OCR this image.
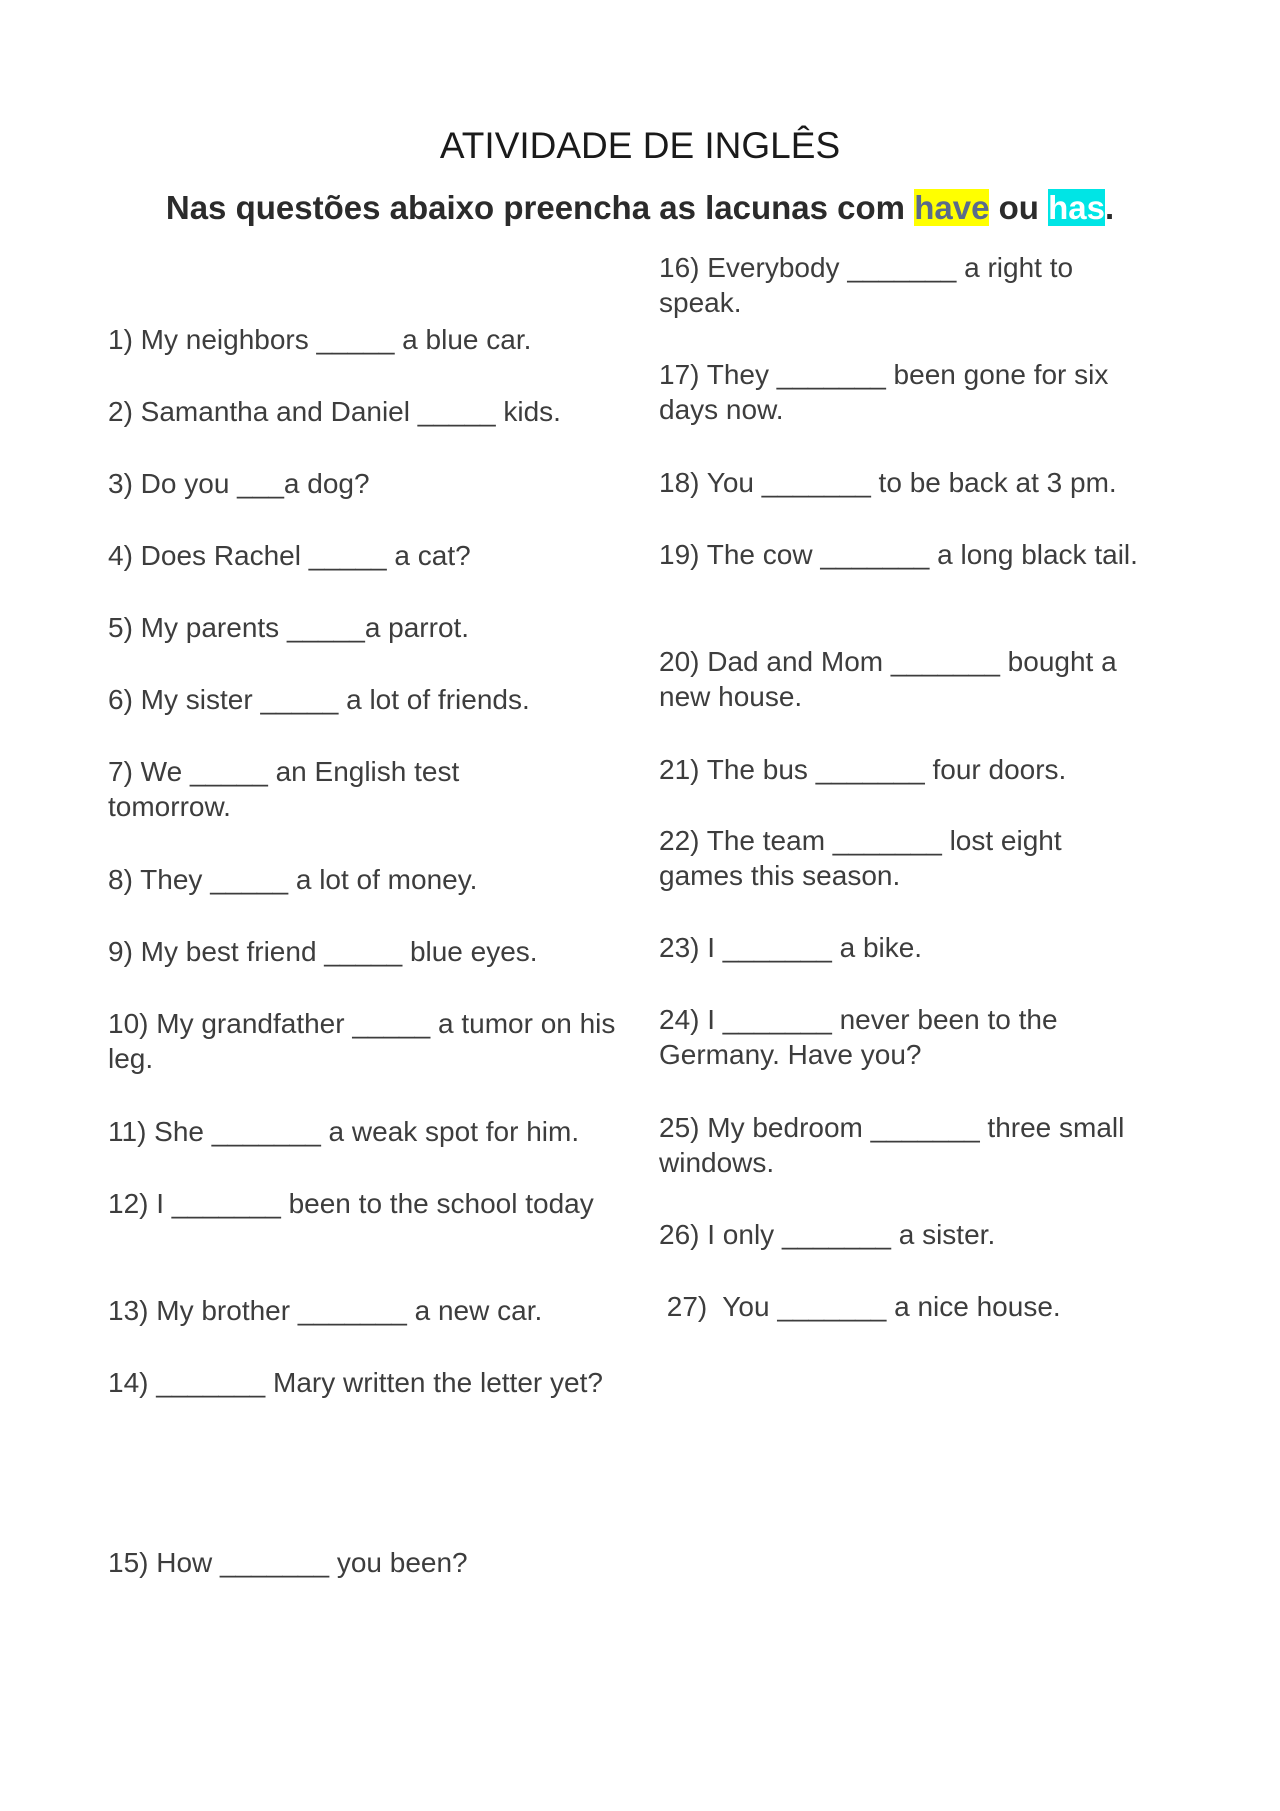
ATIVIDADE DE INGLÊS
Nas questões abaixo preencha as lacunas com have ou has.
1) My neighbors _____ a blue car.
2) Samantha and Daniel _____ kids.
3) Do you ___a dog?
4) Does Rachel _____ a cat?
5) My parents _____a parrot.
6) My sister _____ a lot of friends.
7) We _____ an English test tomorrow.
8) They _____ a lot of money.
9) My best friend _____ blue eyes.
10) My grandfather _____ a tumor on his leg.
11) She _______ a weak spot for him.
12) I _______ been to the school today
13) My brother _______ a new car.
14) _______ Mary written the letter yet?
15) How _______ you been?
16) Everybody _______ a right to speak.
17) They _______ been gone for six days now.
18) You _______ to be back at 3 pm.
19) The cow _______ a long black tail.
20) Dad and Mom _______ bought a new house.
21) The bus _______ four doors.
22) The team _______ lost eight games this season.
23) I _______ a bike.
24) I _______ never been to the Germany. Have you?
25) My bedroom _______ three small windows.
26) I only _______ a sister.
27)  You _______ a nice house.
